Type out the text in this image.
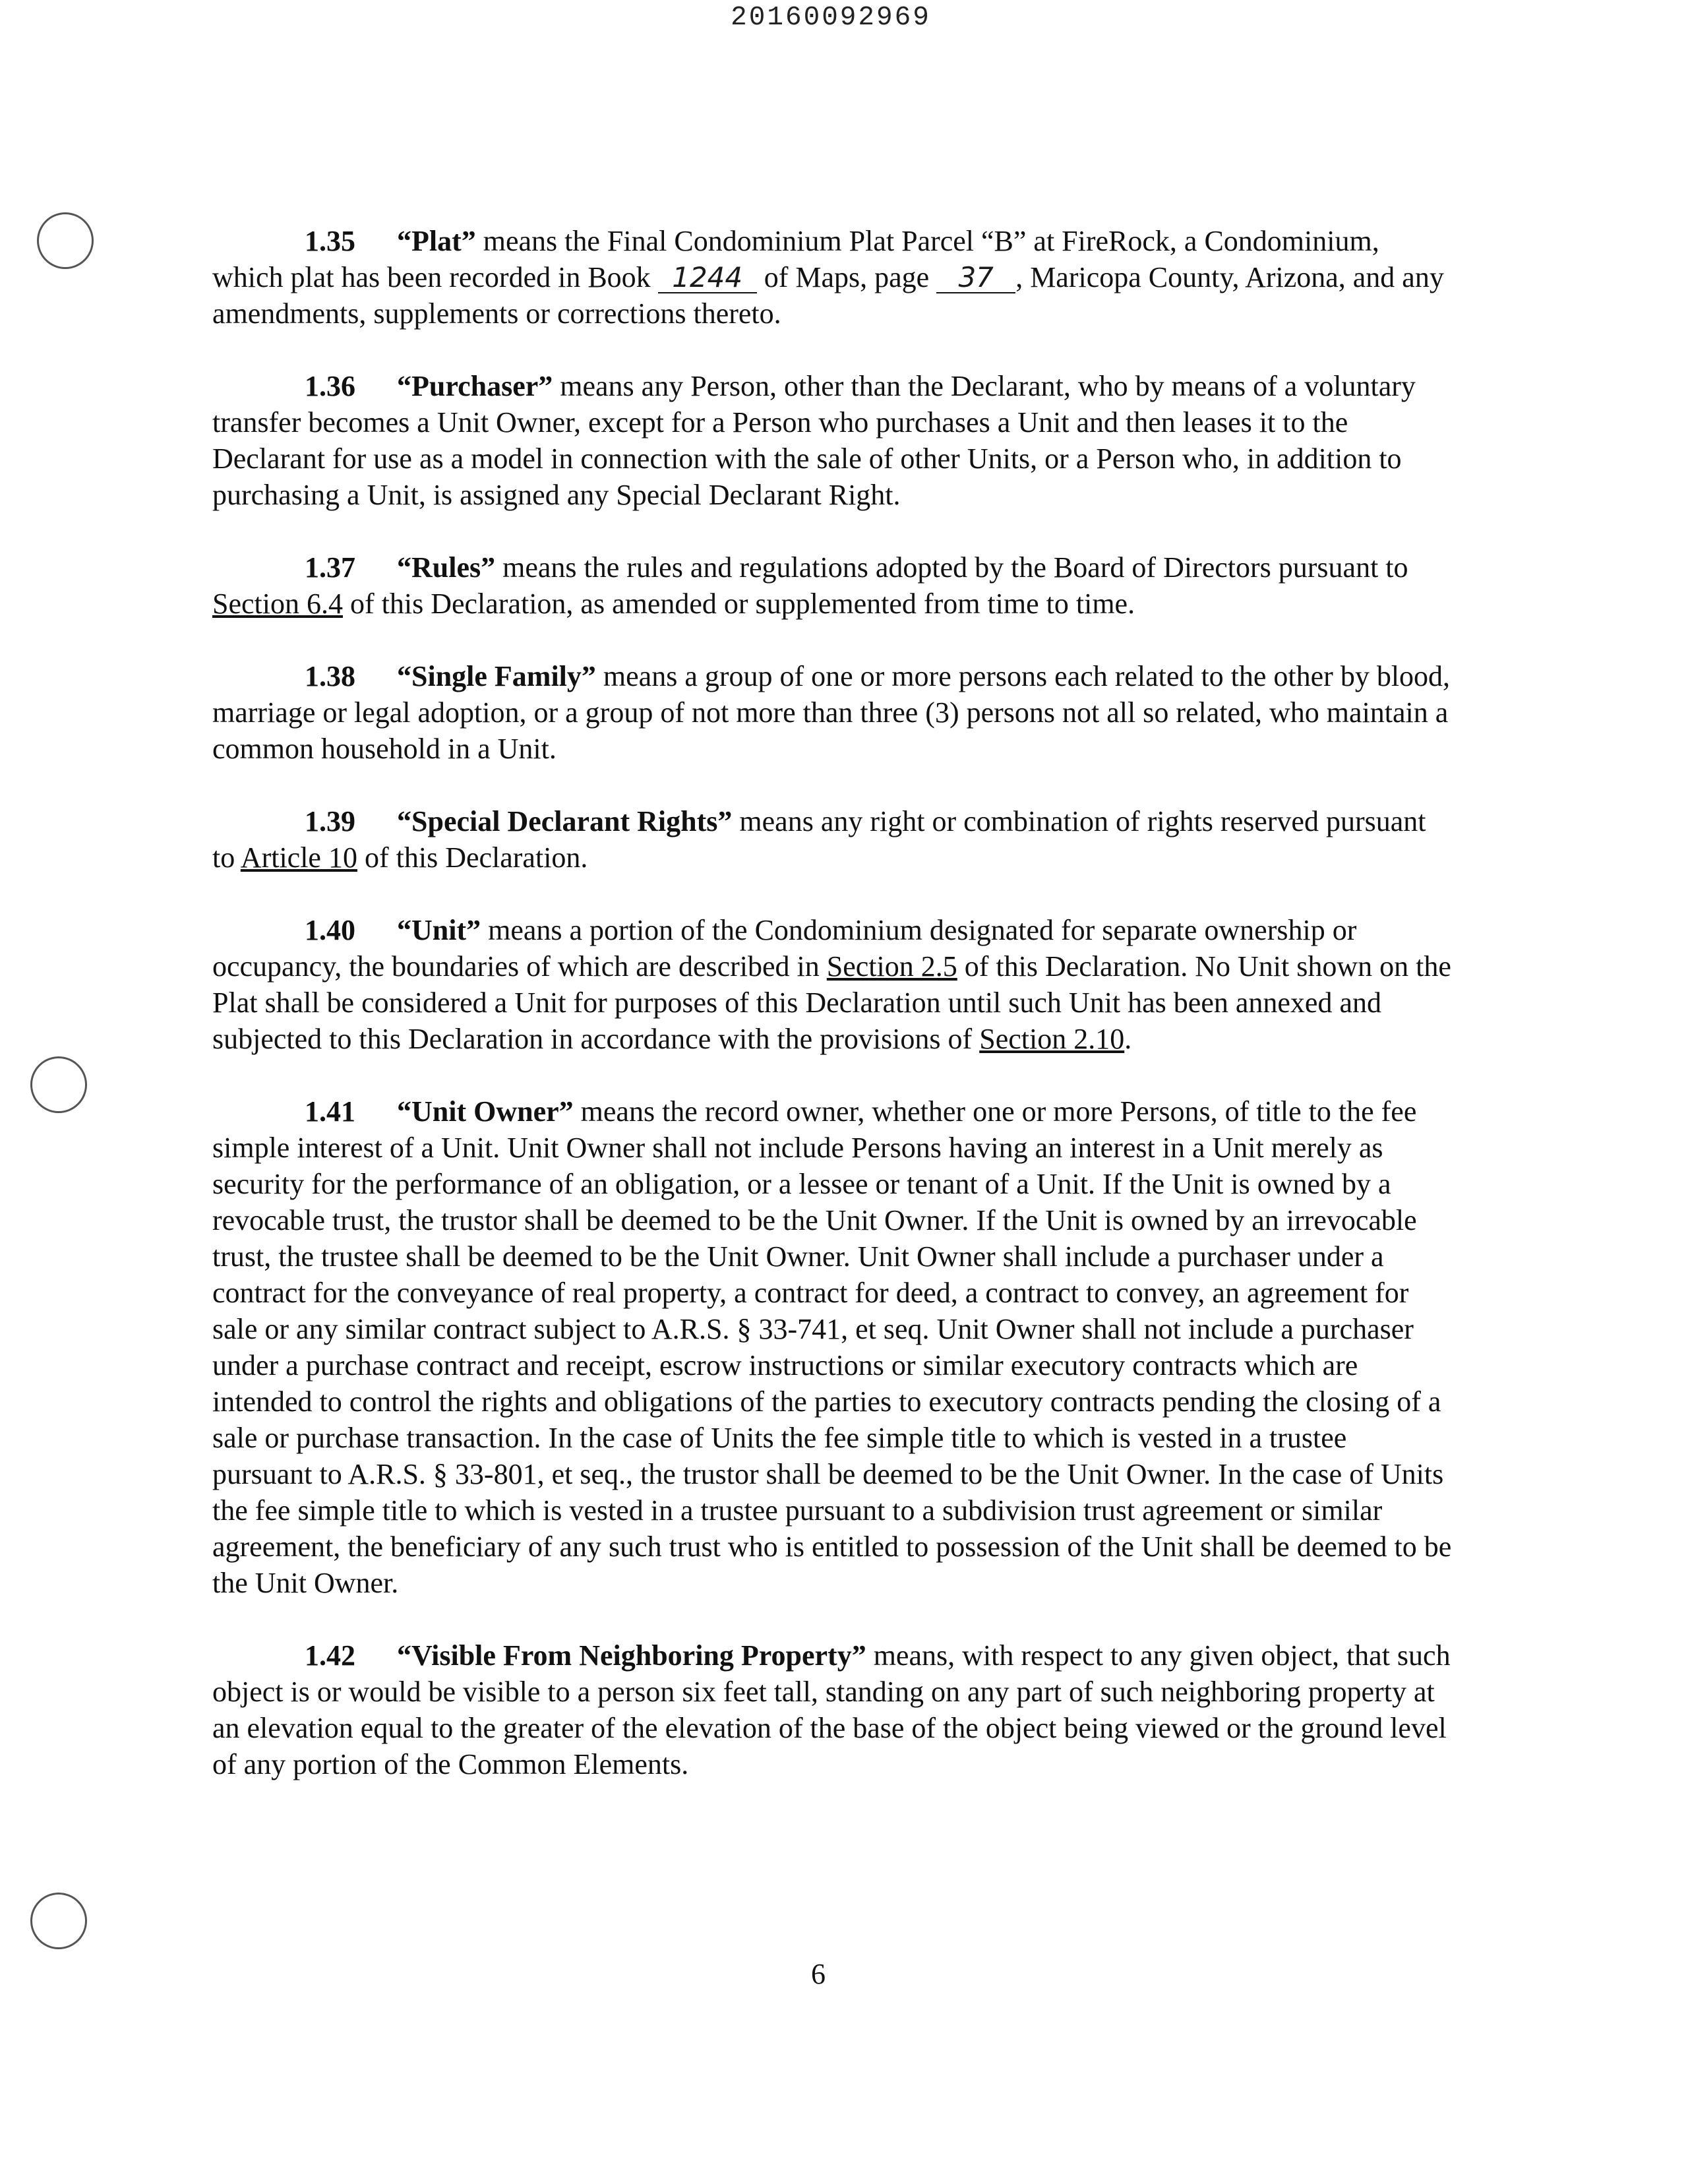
20160092969

1.35 “Plat” means the Final Condominium Plat Parcel “B” at FireRock, a Condominium, which plat has been recorded in Book 1244 of Maps, page 37 , Maricopa County, Arizona, and any amendments, supplements or corrections thereto.

1.36 “Purchaser” means any Person, other than the Declarant, who by means of a voluntary transfer becomes a Unit Owner, except for a Person who purchases a Unit and then leases it to the Declarant for use as a model in connection with the sale of other Units, or a Person who, in addition to purchasing a Unit, is assigned any Special Declarant Right.

1.37 “Rules” means the rules and regulations adopted by the Board of Directors pursuant to Section 6.4 of this Declaration, as amended or supplemented from time to time.

1.38 “Single Family” means a group of one or more persons each related to the other by blood, marriage or legal adoption, or a group of not more than three (3) persons not all so related, who maintain a common household in a Unit.

1.39 “Special Declarant Rights” means any right or combination of rights reserved pursuant to Article 10 of this Declaration.

1.40 “Unit” means a portion of the Condominium designated for separate ownership or occupancy, the boundaries of which are described in Section 2.5 of this Declaration. No Unit shown on the Plat shall be considered a Unit for purposes of this Declaration until such Unit has been annexed and subjected to this Declaration in accordance with the provisions of Section 2.10.

1.41 “Unit Owner” means the record owner, whether one or more Persons, of title to the fee simple interest of a Unit. Unit Owner shall not include Persons having an interest in a Unit merely as security for the performance of an obligation, or a lessee or tenant of a Unit. If the Unit is owned by a revocable trust, the trustor shall be deemed to be the Unit Owner. If the Unit is owned by an irrevocable trust, the trustee shall be deemed to be the Unit Owner. Unit Owner shall include a purchaser under a contract for the conveyance of real property, a contract for deed, a contract to convey, an agreement for sale or any similar contract subject to A.R.S. § 33-741, et seq. Unit Owner shall not include a purchaser under a purchase contract and receipt, escrow instructions or similar executory contracts which are intended to control the rights and obligations of the parties to executory contracts pending the closing of a sale or purchase transaction. In the case of Units the fee simple title to which is vested in a trustee pursuant to A.R.S. § 33-801, et seq., the trustor shall be deemed to be the Unit Owner. In the case of Units the fee simple title to which is vested in a trustee pursuant to a subdivision trust agreement or similar agreement, the beneficiary of any such trust who is entitled to possession of the Unit shall be deemed to be the Unit Owner.

1.42 “Visible From Neighboring Property” means, with respect to any given object, that such object is or would be visible to a person six feet tall, standing on any part of such neighboring property at an elevation equal to the greater of the elevation of the base of the object being viewed or the ground level of any portion of the Common Elements.

6
